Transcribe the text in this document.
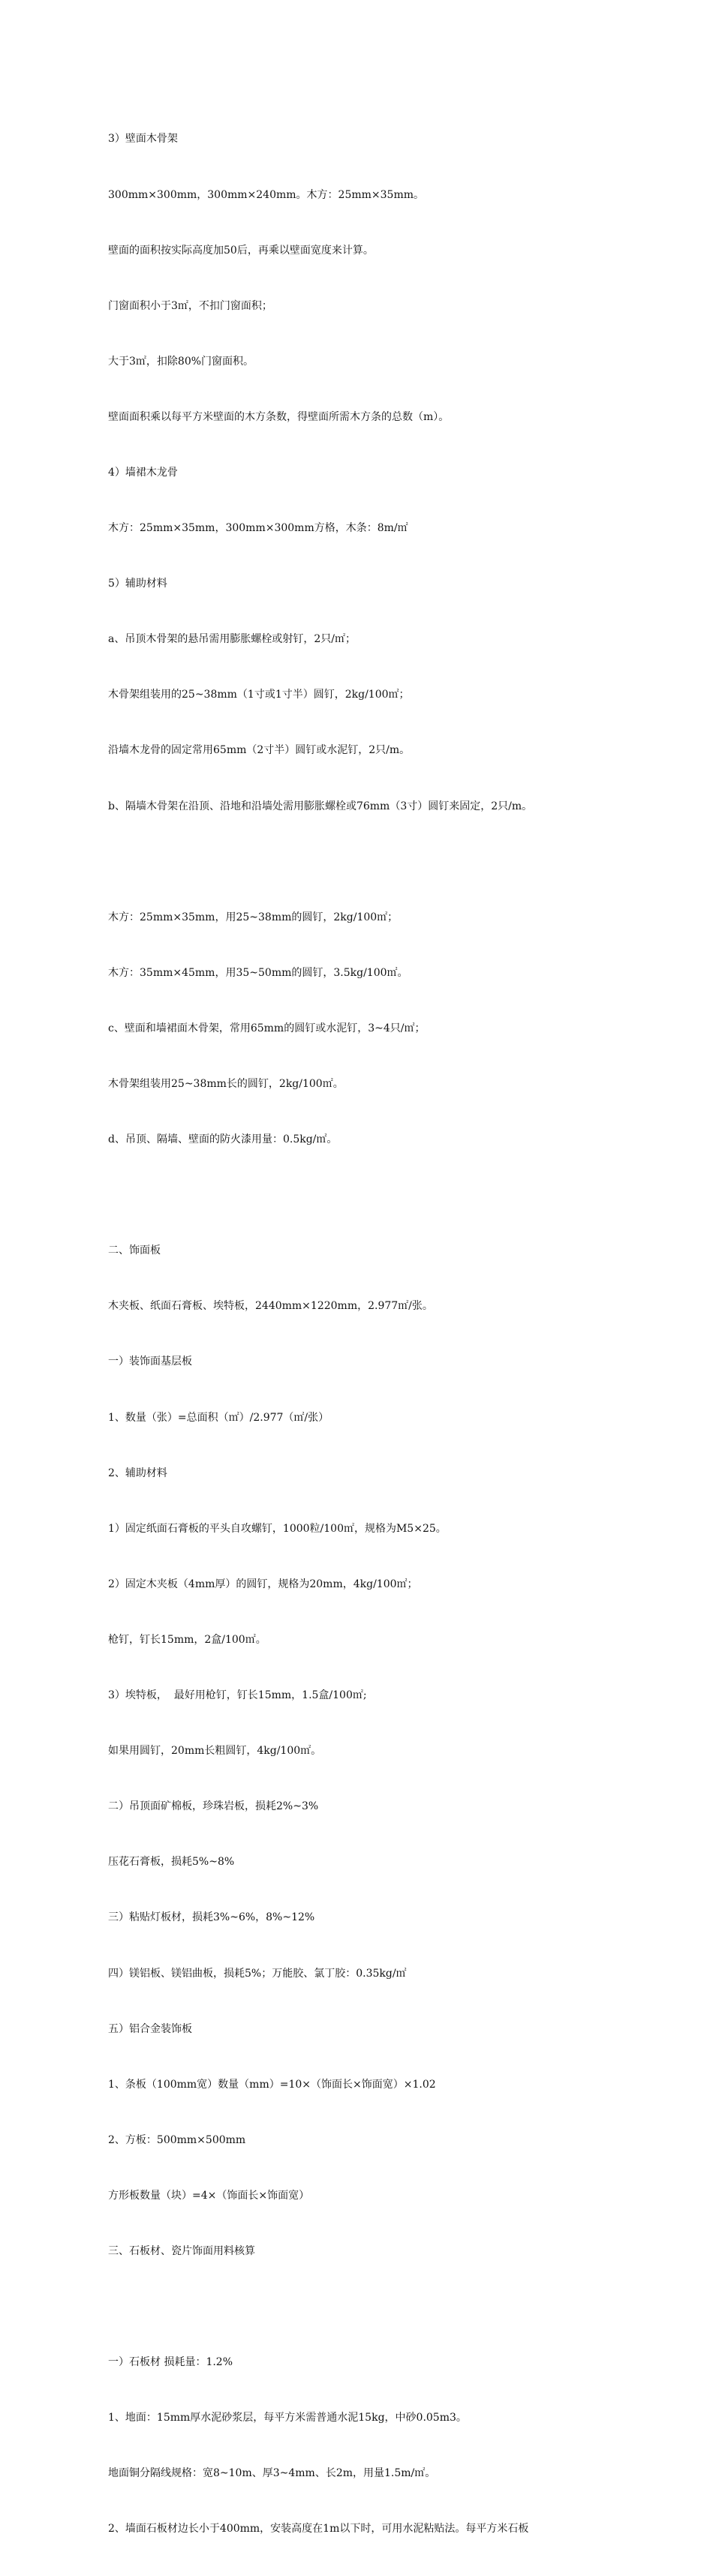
3）壁面木骨架

300mm×300mm，300mm×240mm。木方：25mm×35mm。

壁面的面积按实际高度加50后，再乘以壁面宽度来计算。

门窗面积小于3㎡，不扣门窗面积；

大于3㎡，扣除80%门窗面积。

壁面面积乘以每平方米壁面的木方条数，得壁面所需木方条的总数（m）。

4）墙裙木龙骨

木方：25mm×35mm，300mm×300mm方格，木条：8m/㎡

5）辅助材料

a、吊顶木骨架的悬吊需用膨胀螺栓或射钉，2只/㎡；

木骨架组装用的25~38mm（1寸或1寸半）圆钉，2kg/100㎡；

沿墙木龙骨的固定常用65mm（2寸半）圆钉或水泥钉，2只/m。

b、隔墙木骨架在沿顶、沿地和沿墙处需用膨胀螺栓或76mm（3寸）圆钉来固定，2只/m。

木方：25mm×35mm，用25~38mm的圆钉，2kg/100㎡；

木方：35mm×45mm，用35~50mm的圆钉，3.5kg/100㎡。

c、壁面和墙裙面木骨架，常用65mm的圆钉或水泥钉，3~4只/㎡；

木骨架组装用25~38mm长的圆钉，2kg/100㎡。

d、吊顶、隔墙、壁面的防火漆用量：0.5kg/㎡。

二、饰面板

木夹板、纸面石膏板、埃特板，2440mm×1220mm，2.977㎡/张。

一）装饰面基层板

1、数量（张）=总面积（㎡）/2.977（㎡/张）

2、辅助材料

1）固定纸面石膏板的平头自攻螺钉，1000粒/100㎡，规格为M5×25。

2）固定木夹板（4mm厚）的圆钉，规格为20mm，4kg/100㎡；

枪钉，钉长15mm，2盒/100㎡。

3）埃特板，  最好用枪钉，钉长15mm，1.5盒/100㎡;

如果用圆钉，20mm长粗圆钉，4kg/100㎡。

二）吊顶面矿棉板，珍珠岩板，损耗2%~3%

压花石膏板，损耗5%~8%

三）粘贴灯板材，损耗3%~6%，8%~12%

四）镁铝板、镁铝曲板，损耗5%；万能胶、氯丁胶：0.35kg/㎡

五）铝合金装饰板

1、条板（100mm宽）数量（mm）=10×（饰面长×饰面宽）×1.02

2、方板：500mm×500mm

方形板数量（块）=4×（饰面长×饰面宽）

三、石板材、瓷片饰面用料核算

一）石板材 损耗量：1.2%

1、地面：15mm厚水泥砂浆层，每平方米需普通水泥15kg，中砂0.05m3。

地面铜分隔线规格：宽8~10m、厚3~4mm、长2m，用量1.5m/㎡。

2、墙面石板材边长小于400mm，安装高度在1m以下时，可用水泥粘贴法。每平方米石板
